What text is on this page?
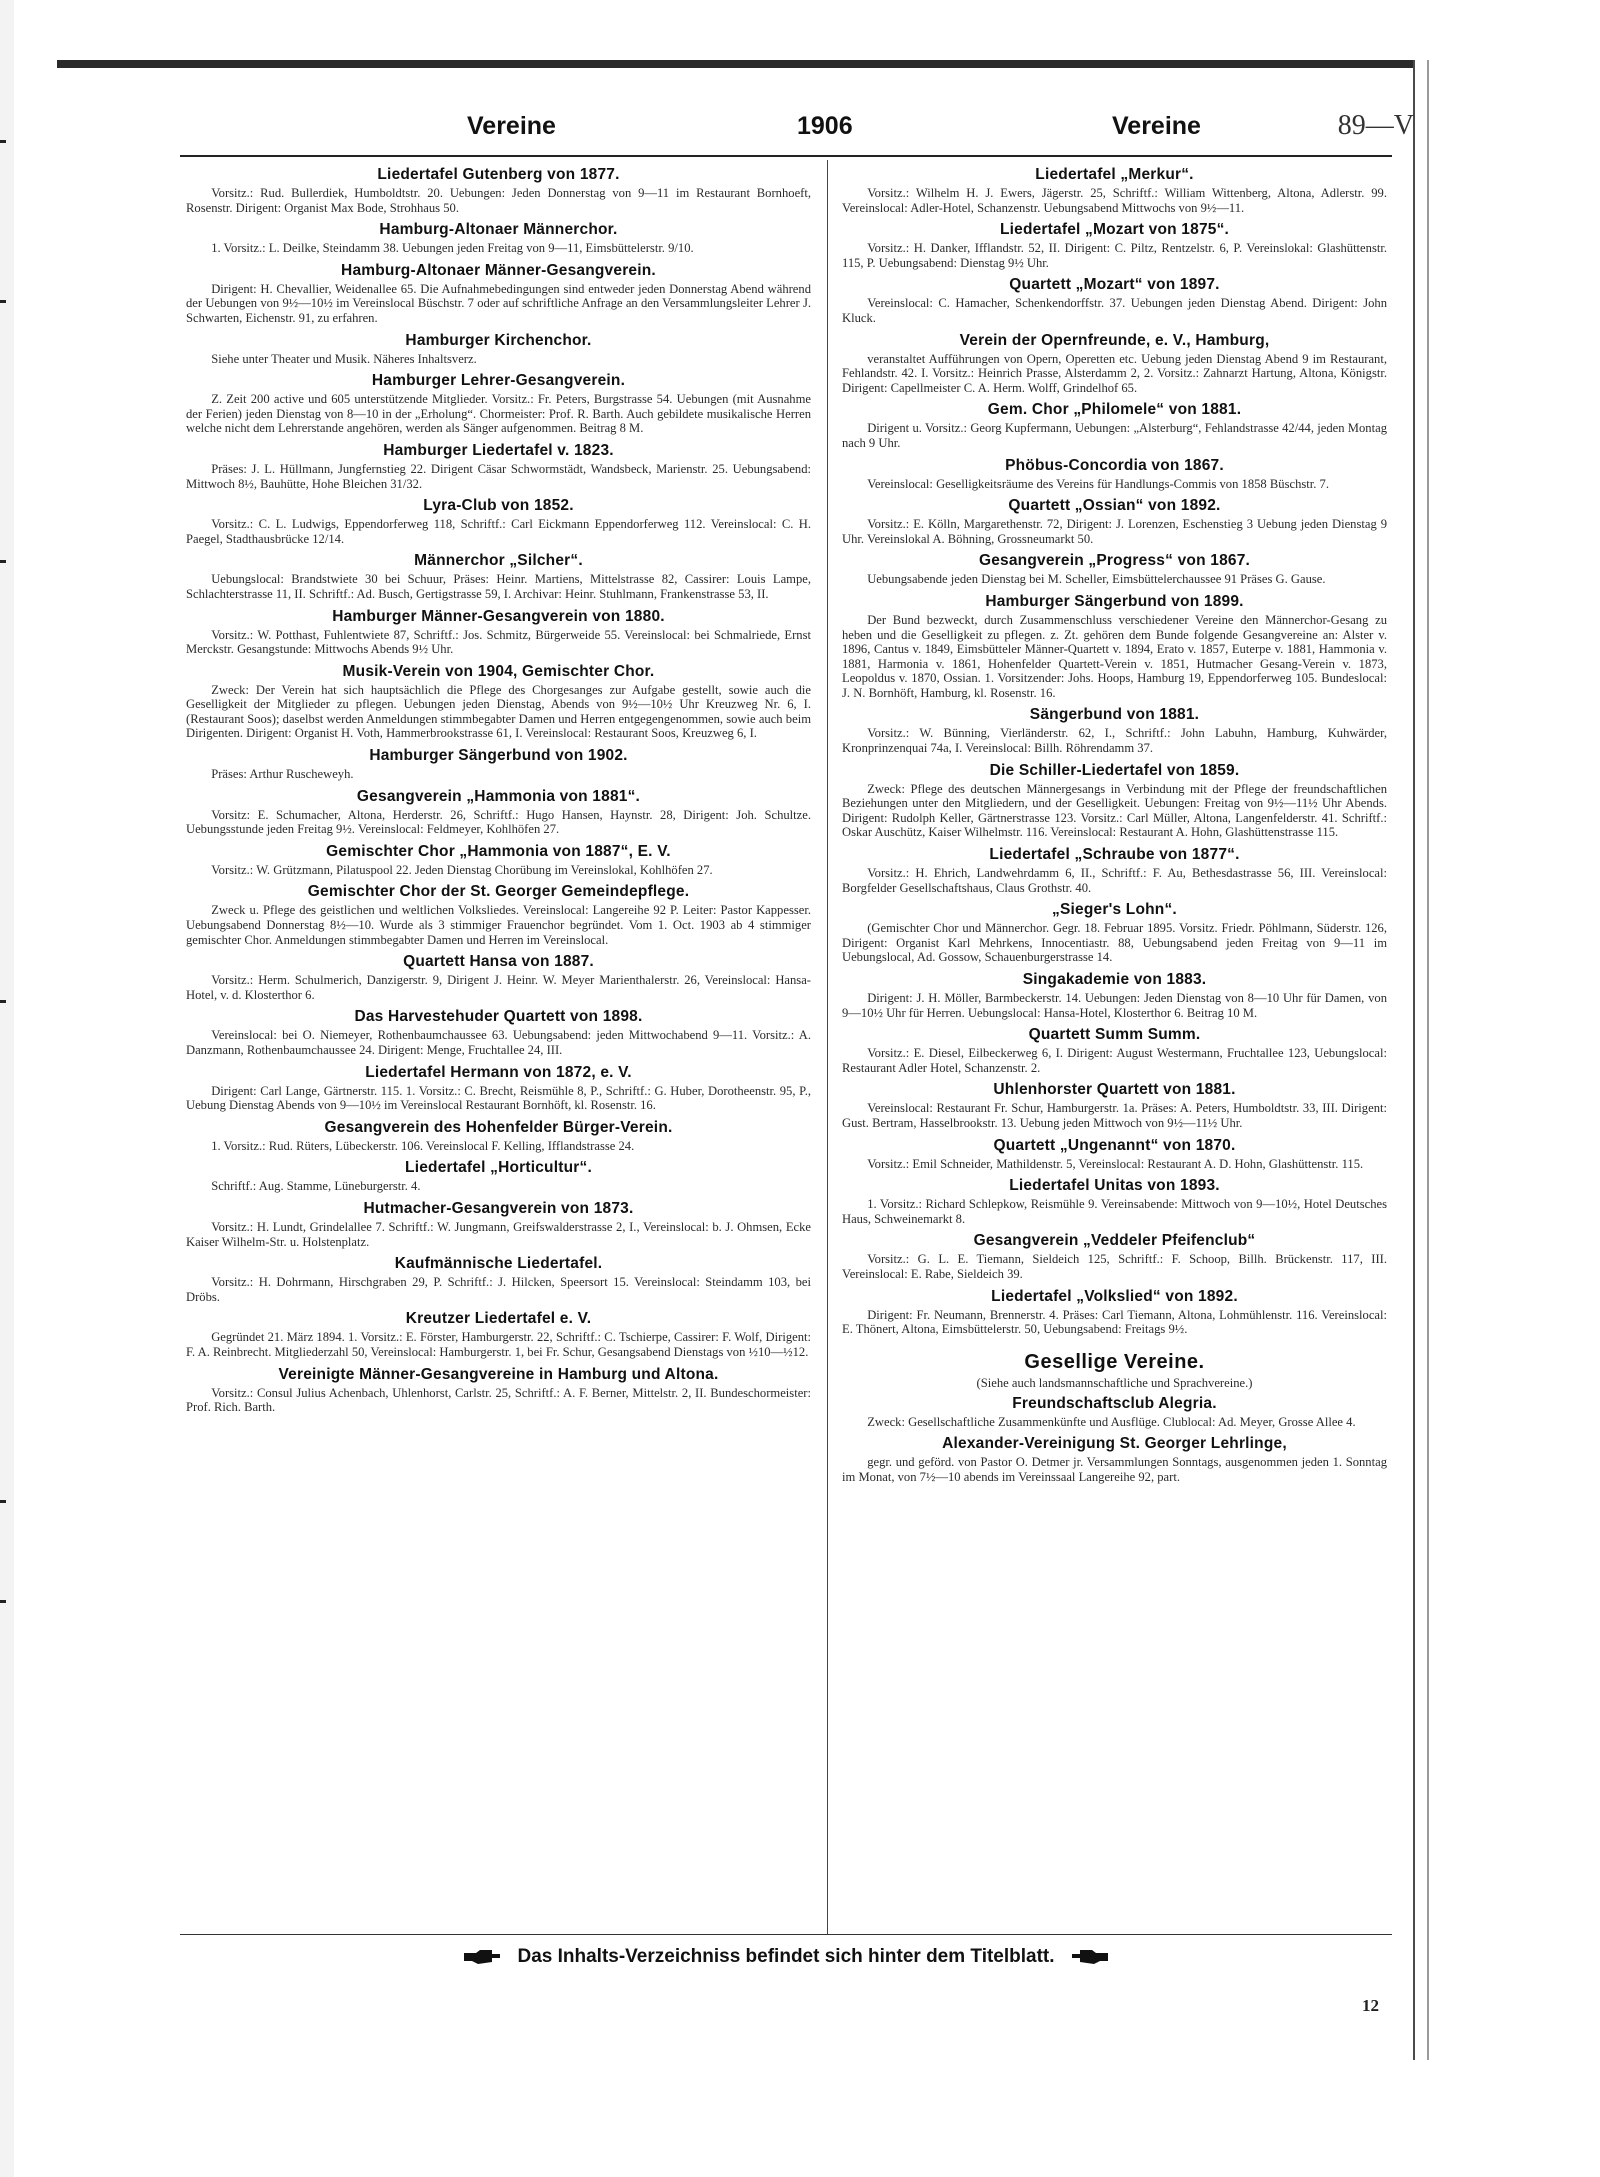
Vereine	1906	Vereine	89—V
Liedertafel Gutenberg von 1877.

Vorsitz.: Rud. Bullerdiek, Humboldtstr. 20. Uebungen: Jeden Donnerstag von 9—11 im Restaurant Bornhoeft, Rosenstr. Dirigent: Organist Max Bode, Strohhaus 50.

Hamburg-Altonaer Männerchor.

1. Vorsitz.: L. Deilke, Steindamm 38. Uebungen jeden Freitag von 9—11, Eimsbüttelerstr. 9/10.

Hamburg-Altonaer Männer-Gesangverein.

Dirigent: H. Chevallier, Weidenallee 65. Die Aufnahmebedingungen sind entweder jeden Donnerstag Abend während der Uebungen von 9½—10½ im Vereinslocal Büschstr. 7 oder auf schriftliche Anfrage an den Versammlungsleiter Lehrer J. Schwarten, Eichenstr. 91, zu erfahren.

Hamburger Kirchenchor.

Siehe unter Theater und Musik. Näheres Inhaltsverz.

Hamburger Lehrer-Gesangverein.

Z. Zeit 200 active und 605 unterstützende Mitglieder. Vorsitz.: Fr. Peters, Burgstrasse 54. Uebungen (mit Ausnahme der Ferien) jeden Dienstag von 8—10 in der „Erholung“. Chormeister: Prof. R. Barth. Auch gebildete musikalische Herren welche nicht dem Lehrerstande angehören, werden als Sänger aufgenommen. Beitrag 8 M.

Hamburger Liedertafel v. 1823.

Präses: J. L. Hüllmann, Jungfernstieg 22. Dirigent Cäsar Schwormstädt, Wandsbeck, Marienstr. 25. Uebungsabend: Mittwoch 8½, Bauhütte, Hohe Bleichen 31/32.

Lyra-Club von 1852.

Vorsitz.: C. L. Ludwigs, Eppendorferweg 118, Schriftf.: Carl Eickmann Eppendorferweg 112. Vereinslocal: C. H. Paegel, Stadthausbrücke 12/14.

Männerchor „Silcher“.

Uebungslocal: Brandstwiete 30 bei Schuur, Präses: Heinr. Martiens, Mittelstrasse 82, Cassirer: Louis Lampe, Schlachterstrasse 11, II. Schriftf.: Ad. Busch, Gertigstrasse 59, I. Archivar: Heinr. Stuhlmann, Frankenstrasse 53, II.

Hamburger Männer-Gesangverein von 1880.

Vorsitz.: W. Potthast, Fuhlentwiete 87, Schriftf.: Jos. Schmitz, Bürgerweide 55. Vereinslocal: bei Schmalriede, Ernst Merckstr. Gesangstunde: Mittwochs Abends 9½ Uhr.

Musik-Verein von 1904, Gemischter Chor.

Zweck: Der Verein hat sich hauptsächlich die Pflege des Chorgesanges zur Aufgabe gestellt, sowie auch die Geselligkeit der Mitglieder zu pflegen. Uebungen jeden Dienstag, Abends von 9½—10½ Uhr Kreuzweg Nr. 6, I. (Restaurant Soos); daselbst werden Anmeldungen stimmbegabter Damen und Herren entgegengenommen, sowie auch beim Dirigenten. Dirigent: Organist H. Voth, Hammerbrookstrasse 61, I. Vereinslocal: Restaurant Soos, Kreuzweg 6, I.

Hamburger Sängerbund von 1902.

Präses: Arthur Ruscheweyh.

Gesangverein „Hammonia von 1881“.

Vorsitz: E. Schumacher, Altona, Herderstr. 26, Schriftf.: Hugo Hansen, Haynstr. 28, Dirigent: Joh. Schultze. Uebungsstunde jeden Freitag 9½. Vereinslocal: Feldmeyer, Kohlhöfen 27.

Gemischter Chor „Hammonia von 1887“, E. V.

Vorsitz.: W. Grützmann, Pilatuspool 22. Jeden Dienstag Chorübung im Vereinslokal, Kohlhöfen 27.

Gemischter Chor der St. Georger Gemeindepflege.

Zweck u. Pflege des geistlichen und weltlichen Volksliedes. Vereinslocal: Langereihe 92 P. Leiter: Pastor Kappesser. Uebungsabend Donnerstag 8½—10. Wurde als 3 stimmiger Frauenchor begründet. Vom 1. Oct. 1903 ab 4 stimmiger gemischter Chor. Anmeldungen stimmbegabter Damen und Herren im Vereinslocal.

Quartett Hansa von 1887.

Vorsitz.: Herm. Schulmerich, Danzigerstr. 9, Dirigent J. Heinr. W. Meyer Marienthalerstr. 26, Vereinslocal: Hansa-Hotel, v. d. Klosterthor 6.

Das Harvestehuder Quartett von 1898.

Vereinslocal: bei O. Niemeyer, Rothenbaumchaussee 63. Uebungsabend: jeden Mittwochabend 9—11. Vorsitz.: A. Danzmann, Rothenbaumchaussee 24. Dirigent: Menge, Fruchtallee 24, III.

Liedertafel Hermann von 1872, e. V.

Dirigent: Carl Lange, Gärtnerstr. 115. 1. Vorsitz.: C. Brecht, Reismühle 8, P., Schriftf.: G. Huber, Dorotheenstr. 95, P., Uebung Dienstag Abends von 9—10½ im Vereinslocal Restaurant Bornhöft, kl. Rosenstr. 16.

Gesangverein des Hohenfelder Bürger-Verein.

1. Vorsitz.: Rud. Rüters, Lübeckerstr. 106. Vereinslocal F. Kelling, Ifflandstrasse 24.

Liedertafel „Horticultur“.

Schriftf.: Aug. Stamme, Lüneburgerstr. 4.

Hutmacher-Gesangverein von 1873.

Vorsitz.: H. Lundt, Grindelallee 7. Schriftf.: W. Jungmann, Greifswalderstrasse 2, I., Vereinslocal: b. J. Ohmsen, Ecke Kaiser Wilhelm-Str. u. Holstenplatz.

Kaufmännische Liedertafel.

Vorsitz.: H. Dohrmann, Hirschgraben 29, P. Schriftf.: J. Hilcken, Speersort 15. Vereinslocal: Steindamm 103, bei Dröbs.

Kreutzer Liedertafel e. V.

Gegründet 21. März 1894. 1. Vorsitz.: E. Förster, Hamburgerstr. 22, Schriftf.: C. Tschierpe, Cassirer: F. Wolf, Dirigent: F. A. Reinbrecht. Mitgliederzahl 50, Vereinslocal: Hamburgerstr. 1, bei Fr. Schur, Gesangsabend Dienstags von ½10—½12.

Vereinigte Männer-Gesangvereine in Hamburg und Altona.

Vorsitz.: Consul Julius Achenbach, Uhlenhorst, Carlstr. 25, Schriftf.: A. F. Berner, Mittelstr. 2, II. Bundeschormeister: Prof. Rich. Barth.

Liedertafel „Merkur“.

Vorsitz.: Wilhelm H. J. Ewers, Jägerstr. 25, Schriftf.: William Wittenberg, Altona, Adlerstr. 99. Vereinslocal: Adler-Hotel, Schanzenstr. Uebungsabend Mittwochs von 9½—11.

Liedertafel „Mozart von 1875“.

Vorsitz.: H. Danker, Ifflandstr. 52, II. Dirigent: C. Piltz, Rentzelstr. 6, P. Vereinslokal: Glashüttenstr. 115, P. Uebungsabend: Dienstag 9½ Uhr.

Quartett „Mozart“ von 1897.

Vereinslocal: C. Hamacher, Schenkendorffstr. 37. Uebungen jeden Dienstag Abend. Dirigent: John Kluck.

Verein der Opernfreunde, e. V., Hamburg,

veranstaltet Aufführungen von Opern, Operetten etc. Uebung jeden Dienstag Abend 9 im Restaurant, Fehlandstr. 42. I. Vorsitz.: Heinrich Prasse, Alsterdamm 2, 2. Vorsitz.: Zahnarzt Hartung, Altona, Königstr. Dirigent: Capellmeister C. A. Herm. Wolff, Grindelhof 65.

Gem. Chor „Philomele“ von 1881.

Dirigent u. Vorsitz.: Georg Kupfermann, Uebungen: „Alsterburg“, Fehlandstrasse 42/44, jeden Montag nach 9 Uhr.

Phöbus-Concordia von 1867.

Vereinslocal: Geselligkeitsräume des Vereins für Handlungs-Commis von 1858 Büschstr. 7.

Quartett „Ossian“ von 1892.

Vorsitz.: E. Kölln, Margarethenstr. 72, Dirigent: J. Lorenzen, Eschenstieg 3 Uebung jeden Dienstag 9 Uhr. Vereinslokal A. Böhning, Grossneumarkt 50.

Gesangverein „Progress“ von 1867.

Uebungsabende jeden Dienstag bei M. Scheller, Eimsbüttelerchaussee 91 Präses G. Gause.

Hamburger Sängerbund von 1899.

Der Bund bezweckt, durch Zusammenschluss verschiedener Vereine den Männerchor-Gesang zu heben und die Geselligkeit zu pflegen. z. Zt. gehören dem Bunde folgende Gesangvereine an: Alster v. 1896, Cantus v. 1849, Eimsbütteler Männer-Quartett v. 1894, Erato v. 1857, Euterpe v. 1881, Hammonia v. 1881, Harmonia v. 1861, Hohenfelder Quartett-Verein v. 1851, Hutmacher Gesang-Verein v. 1873, Leopoldus v. 1870, Ossian. 1. Vorsitzender: Johs. Hoops, Hamburg 19, Eppendorferweg 105. Bundeslocal: J. N. Bornhöft, Hamburg, kl. Rosenstr. 16.

Sängerbund von 1881.

Vorsitz.: W. Bünning, Vierländerstr. 62, I., Schriftf.: John Labuhn, Hamburg, Kuhwärder, Kronprinzenquai 74a, I. Vereinslocal: Billh. Röhrendamm 37.

Die Schiller-Liedertafel von 1859.

Zweck: Pflege des deutschen Männergesangs in Verbindung mit der Pflege der freundschaftlichen Beziehungen unter den Mitgliedern, und der Geselligkeit. Uebungen: Freitag von 9½—11½ Uhr Abends. Dirigent: Rudolph Keller, Gärtnerstrasse 123. Vorsitz.: Carl Müller, Altona, Langenfelderstr. 41. Schriftf.: Oskar Auschütz, Kaiser Wilhelmstr. 116. Vereinslocal: Restaurant A. Hohn, Glashüttenstrasse 115.

Liedertafel „Schraube von 1877“.

Vorsitz.: H. Ehrich, Landwehrdamm 6, II., Schriftf.: F. Au, Bethesdastrasse 56, III. Vereinslocal: Borgfelder Gesellschaftshaus, Claus Grothstr. 40.

„Sieger's Lohn“.

(Gemischter Chor und Männerchor. Gegr. 18. Februar 1895. Vorsitz. Friedr. Pöhlmann, Süderstr. 126, Dirigent: Organist Karl Mehrkens, Innocentiastr. 88, Uebungsabend jeden Freitag von 9—11 im Uebungslocal, Ad. Gossow, Schauenburgerstrasse 14.

Singakademie von 1883.

Dirigent: J. H. Möller, Barmbeckerstr. 14. Uebungen: Jeden Dienstag von 8—10 Uhr für Damen, von 9—10½ Uhr für Herren. Uebungslocal: Hansa-Hotel, Klosterthor 6. Beitrag 10 M.

Quartett Summ Summ.

Vorsitz.: E. Diesel, Eilbeckerweg 6, I. Dirigent: August Westermann, Fruchtallee 123, Uebungslocal: Restaurant Adler Hotel, Schanzenstr. 2.

Uhlenhorster Quartett von 1881.

Vereinslocal: Restaurant Fr. Schur, Hamburgerstr. 1a. Präses: A. Peters, Humboldtstr. 33, III. Dirigent: Gust. Bertram, Hasselbrookstr. 13. Uebung jeden Mittwoch von 9½—11½ Uhr.

Quartett „Ungenannt“ von 1870.

Vorsitz.: Emil Schneider, Mathildenstr. 5, Vereinslocal: Restaurant A. D. Hohn, Glashüttenstr. 115.

Liedertafel Unitas von 1893.

1. Vorsitz.: Richard Schlepkow, Reismühle 9. Vereinsabende: Mittwoch von 9—10½, Hotel Deutsches Haus, Schweinemarkt 8.

Gesangverein „Veddeler Pfeifenclub“

Vorsitz.: G. L. E. Tiemann, Sieldeich 125, Schriftf.: F. Schoop, Billh. Brückenstr. 117, III. Vereinslocal: E. Rabe, Sieldeich 39.

Liedertafel „Volkslied“ von 1892.

Dirigent: Fr. Neumann, Brennerstr. 4. Präses: Carl Tiemann, Altona, Lohmühlenstr. 116. Vereinslocal: E. Thönert, Altona, Eimsbüttelerstr. 50, Uebungsabend: Freitags 9½.

Gesellige Vereine.
(Siehe auch landsmannschaftliche und Sprachvereine.)
Freundschaftsclub Alegria.

Zweck: Gesellschaftliche Zusammenkünfte und Ausflüge. Clublocal: Ad. Meyer, Grosse Allee 4.

Alexander-Vereinigung St. Georger Lehrlinge,

gegr. und geförd. von Pastor O. Detmer jr. Versammlungen Sonntags, ausgenommen jeden 1. Sonntag im Monat, von 7½—10 abends im Vereinssaal Langereihe 92, part.

Das Inhalts-Verzeichniss befindet sich hinter dem Titelblatt.
12
